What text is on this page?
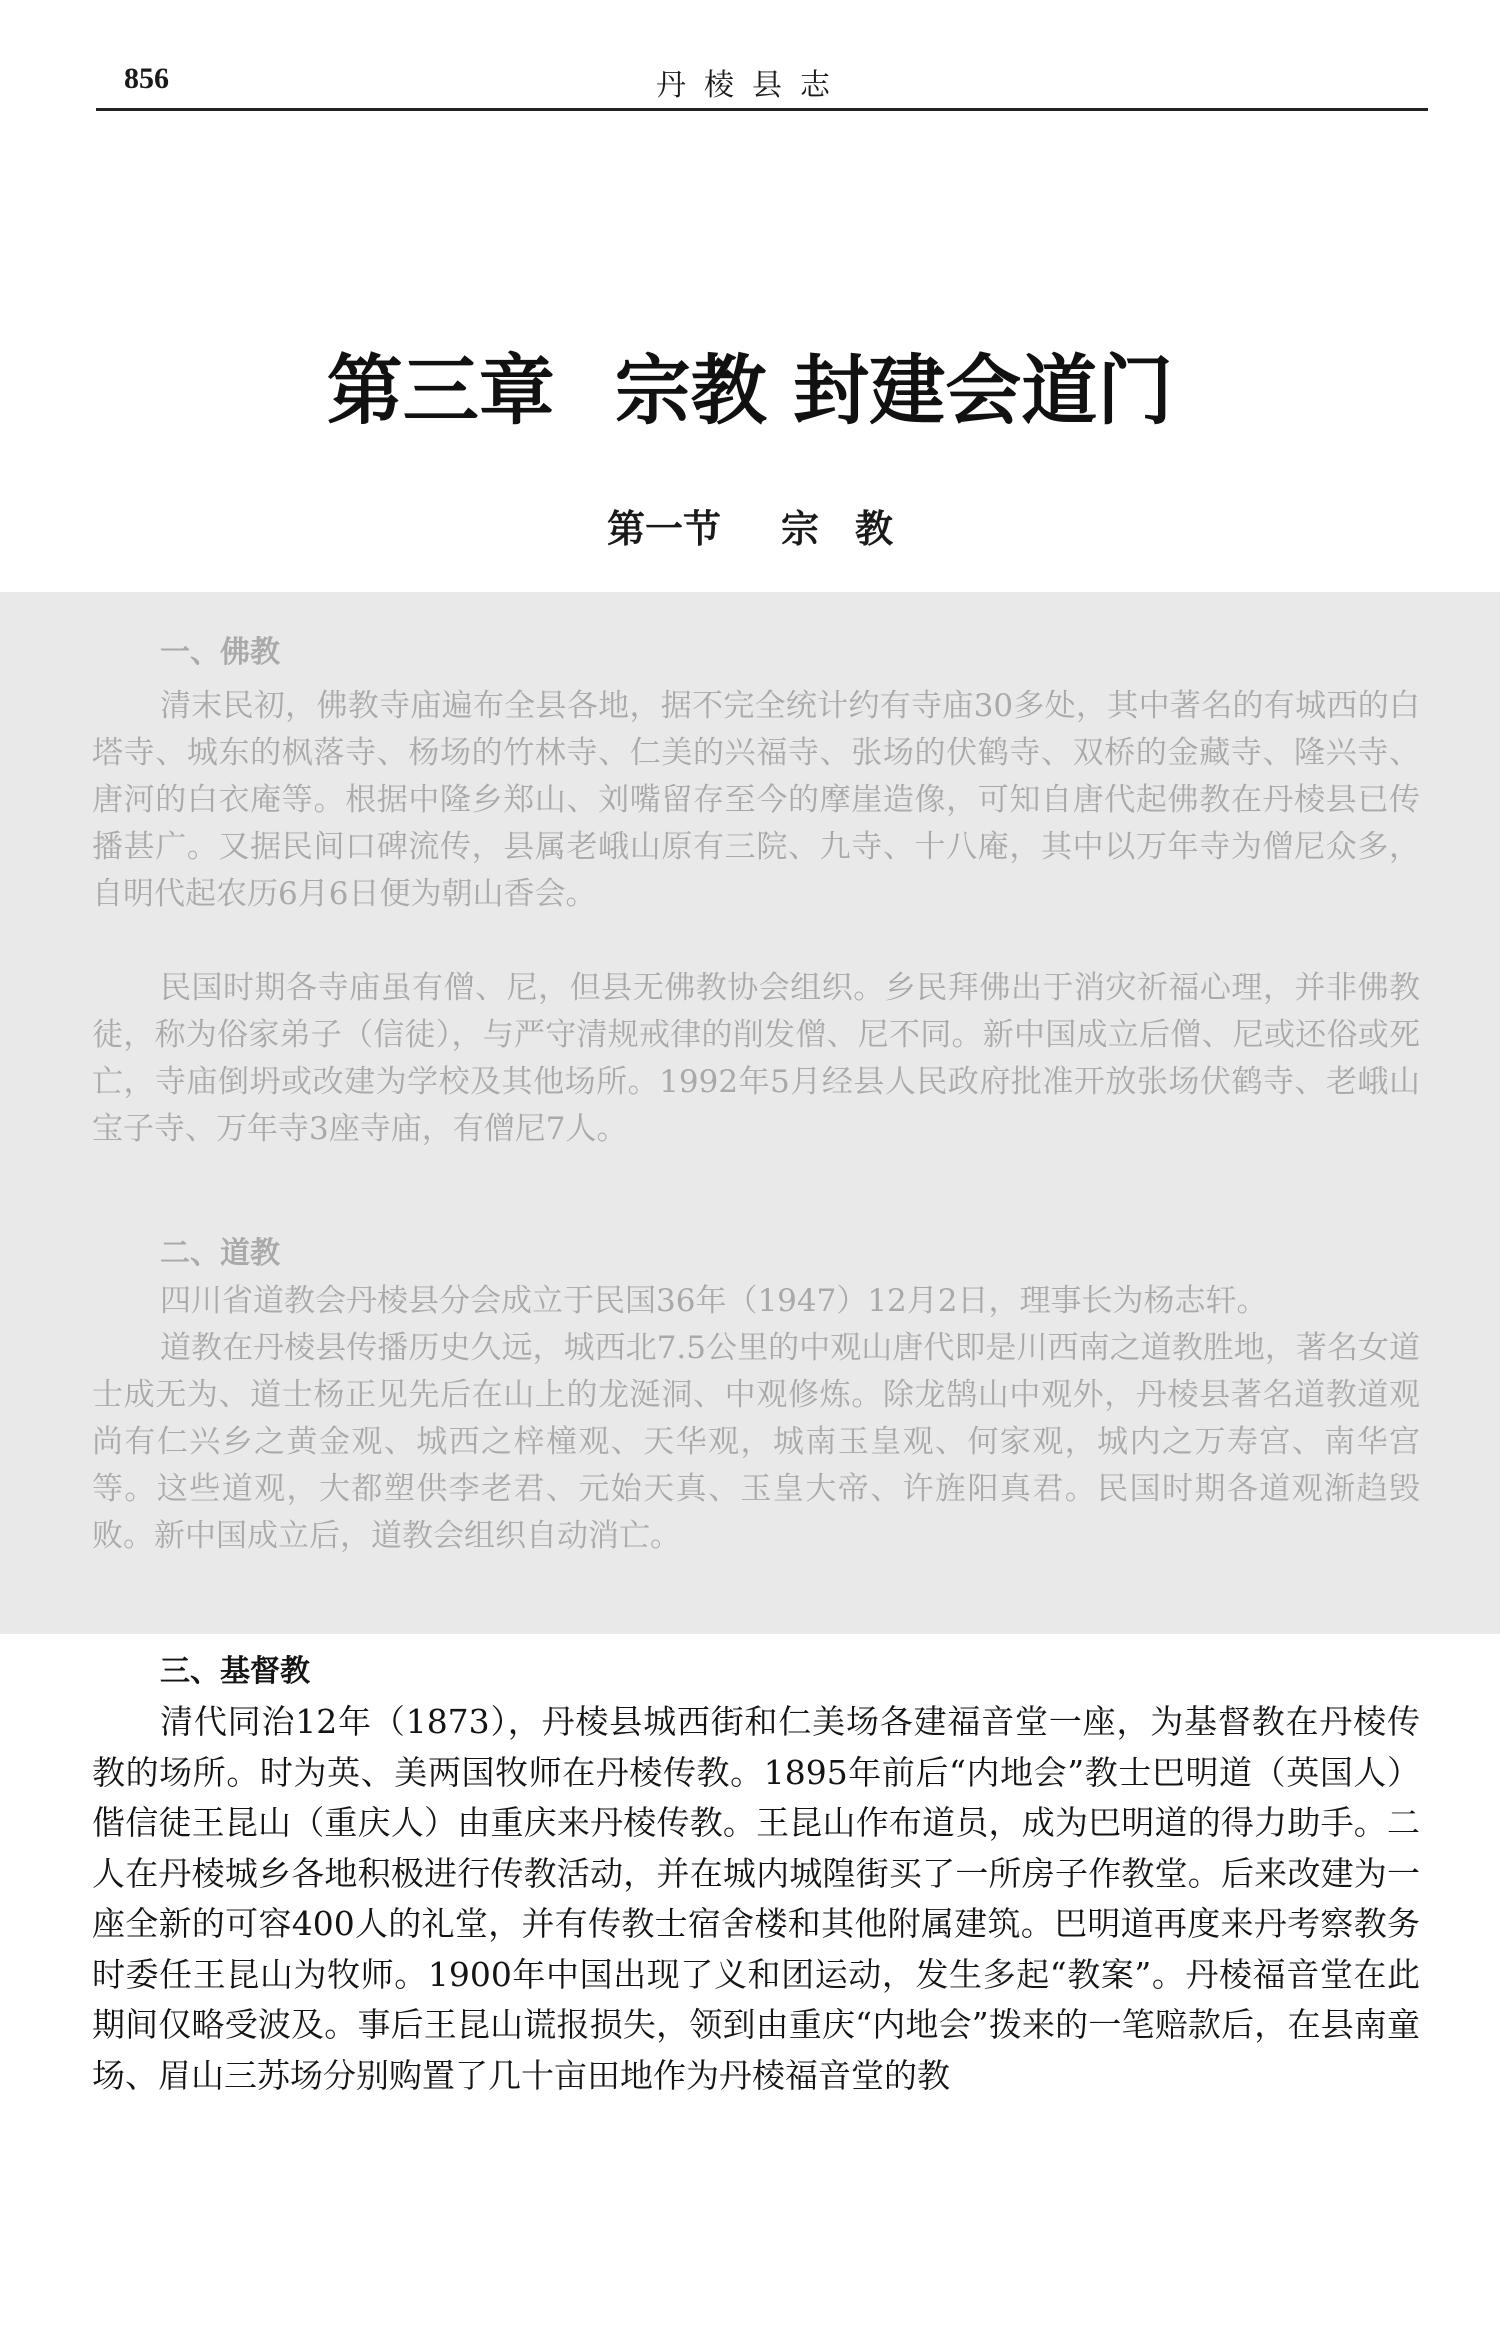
856	丹棱县志
第三章 宗教 封建会道门
第一节 宗 教
一、佛教

清末民初，佛教寺庙遍布全县各地，据不完全统计约有寺庙30多处，其中著名的有城西的白塔寺、城东的枫落寺、杨场的竹林寺、仁美的兴福寺、张场的伏鹤寺、双桥的金藏寺、隆兴寺、唐河的白衣庵等。根据中隆乡郑山、刘嘴留存至今的摩崖造像，可知自唐代起佛教在丹棱县已传播甚广。又据民间口碑流传，县属老峨山原有三院、九寺、十八庵，其中以万年寺为僧尼众多，自明代起农历6月6日便为朝山香会。

民国时期各寺庙虽有僧、尼，但县无佛教协会组织。乡民拜佛出于消灾祈福心理，并非佛教徒，称为俗家弟子（信徒），与严守清规戒律的削发僧、尼不同。新中国成立后僧、尼或还俗或死亡，寺庙倒坍或改建为学校及其他场所。1992年5月经县人民政府批准开放张场伏鹤寺、老峨山宝子寺、万年寺3座寺庙，有僧尼7人。

二、道教

四川省道教会丹棱县分会成立于民国36年（1947）12月2日，理事长为杨志轩。

道教在丹棱县传播历史久远，城西北7.5公里的中观山唐代即是川西南之道教胜地，著名女道士成无为、道士杨正见先后在山上的龙涎洞、中观修炼。除龙鹄山中观外，丹棱县著名道教道观尚有仁兴乡之黄金观、城西之梓橦观、天华观，城南玉皇观、何家观，城内之万寿宫、南华宫等。这些道观，大都塑供李老君、元始天真、玉皇大帝、许旌阳真君。民国时期各道观渐趋毁败。新中国成立后，道教会组织自动消亡。

三、基督教

清代同治12年（1873），丹棱县城西街和仁美场各建福音堂一座，为基督教在丹棱传教的场所。时为英、美两国牧师在丹棱传教。1895年前后“内地会”教士巴明道（英国人）偕信徒王昆山（重庆人）由重庆来丹棱传教。王昆山作布道员，成为巴明道的得力助手。二人在丹棱城乡各地积极进行传教活动，并在城内城隍街买了一所房子作教堂。后来改建为一座全新的可容400人的礼堂，并有传教士宿舍楼和其他附属建筑。巴明道再度来丹考察教务时委任王昆山为牧师。1900年中国出现了义和团运动，发生多起“教案”。丹棱福音堂在此期间仅略受波及。事后王昆山谎报损失，领到由重庆“内地会”拨来的一笔赔款后，在县南童场、眉山三苏场分别购置了几十亩田地作为丹棱福音堂的教
